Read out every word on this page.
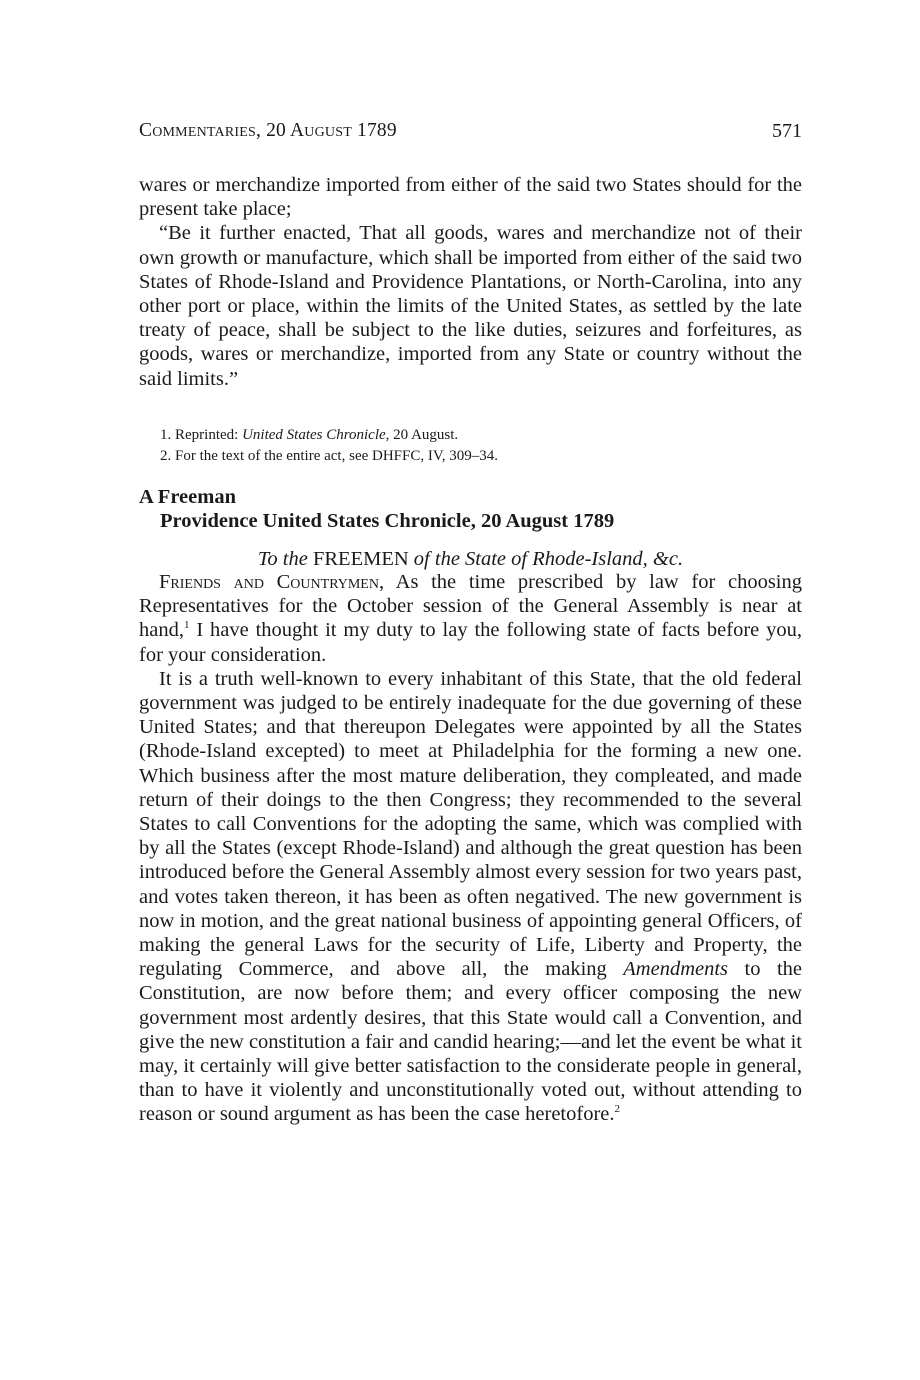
Commentaries, 20 August 1789	571

wares or merchandize imported from either of the said two States should for the present take place;

“Be it further enacted, That all goods, wares and merchandize not of their own growth or manufacture, which shall be imported from either of the said two States of Rhode-Island and Providence Plantations, or North-Carolina, into any other port or place, within the limits of the United States, as settled by the late treaty of peace, shall be subject to the like duties, seizures and forfeitures, as goods, wares or merchandize, imported from any State or country without the said limits.”

1. Reprinted: United States Chronicle, 20 August.

2. For the text of the entire act, see DHFFC, IV, 309–34.

A Freeman

Providence United States Chronicle, 20 August 1789

To the FREEMEN of the State of Rhode-Island, &c.

Friends and Countrymen, As the time prescribed by law for choosing Representatives for the October session of the General Assembly is near at hand,$^1$ I have thought it my duty to lay the following state of facts before you, for your consideration.

It is a truth well-known to every inhabitant of this State, that the old federal government was judged to be entirely inadequate for the due governing of these United States; and that thereupon Delegates were appointed by all the States (Rhode-Island excepted) to meet at Philadelphia for the forming a new one. Which business after the most mature deliberation, they compleated, and made return of their doings to the then Congress; they recommended to the several States to call Conventions for the adopting the same, which was complied with by all the States (except Rhode-Island) and although the great question has been introduced before the General Assembly almost every session for two years past, and votes taken thereon, it has been as often negatived. The new government is now in motion, and the great national business of appointing general Officers, of making the general Laws for the security of Life, Liberty and Property, the regulating Commerce, and above all, the making Amendments to the Constitution, are now before them; and every officer composing the new government most ardently desires, that this State would call a Convention, and give the new constitution a fair and candid hearing;—and let the event be what it may, it certainly will give better satisfaction to the considerate people in general, than to have it violently and unconstitutionally voted out, without attending to reason or sound argument as has been the case heretofore.$^2$
